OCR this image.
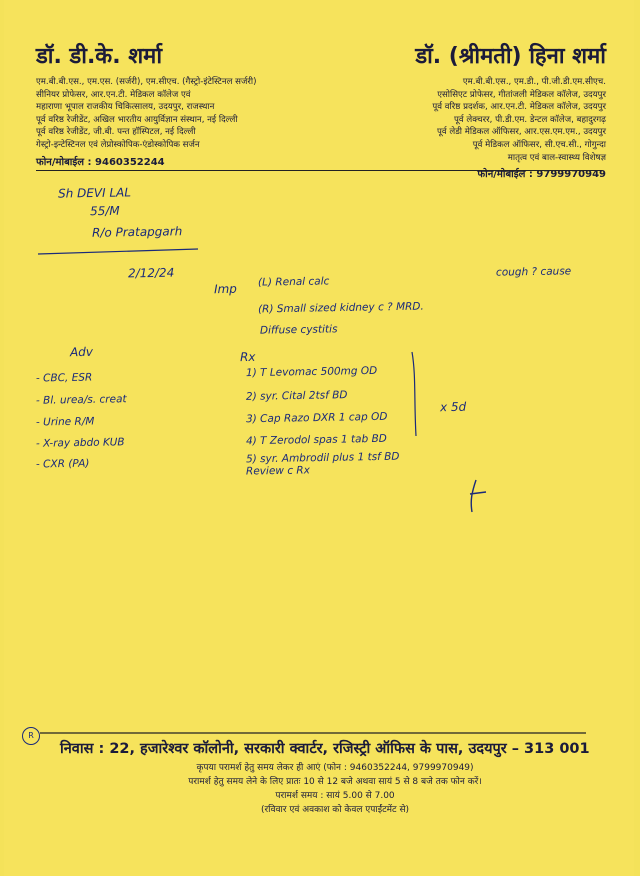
डॉ. डी.के. शर्मा
एम.बी.बी.एस., एम.एस. (सर्जरी), एम.सीएच. (गैस्ट्रो-इंटेस्टिनल सर्जरी)
सीनियर प्रोफेसर, आर.एन.टी. मेडिकल कॉलेज एवं
महाराणा भूपाल राजकीय चिकित्सालय, उदयपुर, राजस्थान
पूर्व वरिष्ठ रेजीडेंट, अखिल भारतीय आयुर्विज्ञान संस्थान, नई दिल्ली
पूर्व वरिष्ठ रेजीडेंट, जी.बी. पन्त हॉस्पिटल, नई दिल्ली
गेस्ट्रो-इन्टेस्टिनल एवं लेप्रोस्कोपिक-एंडोस्कोपिक सर्जन
फोन/मोबाईल : 9460352244
डॉ. (श्रीमती) हिना शर्मा
एम.बी.बी.एस., एम.डी., पी.जी.डी.एम.सीएच.
एसोसिएट प्रोफेसर, गीतांजली मेडिकल कॉलेज, उदयपुर
पूर्व वरिष्ठ प्रदर्शक, आर.एन.टी. मेडिकल कॉलेज, उदयपुर
पूर्व लेक्चरर, पी.डी.एम. डेन्टल कॉलेज, बहादुरगढ़
पूर्व लेडी मेडिकल ऑफिसर, आर.एस.एम.एम., उदयपुर
पूर्व मेडिकल ऑफिसर, सी.एच.सी., गोगुन्दा
मातृत्व एवं बाल-स्वास्थ्य विशेषज्ञ
फोन/मोबाईल : 9799970949
Sh DEVI LAL
55/M
R/o Pratapgarh
2/12/24
Imp (L) Renal calc
(R) Small sized kidney c ? MRD.
Diffuse cystitis
cough ? cause
Adv
- CBC, ESR
- Bl. urea/s. creat
- Urine R/M
- X-ray abdo KUB
- CXR (PA)
Rx
1) T Levomac 500mg OD
2) syr. Cital 2tsf BD
3) Cap Razo DXR 1 cap OD
4) T Zerodol spas 1 tab BD
5) syr. Ambrodil plus 1 tsf BD
Review c Rx
x 5d
R
निवास : 22, हजारेश्वर कॉलोनी, सरकारी क्वार्टर, रजिस्ट्री ऑफिस के पास, उदयपुर – 313 001
कृपया परामर्श हेतु समय लेकर ही आएं (फोन : 9460352244, 9799970949)
परामर्श हेतु समय लेने के लिए प्रातः 10 से 12 बजे अथवा सायं 5 से 8 बजे तक फोन करें।
परामर्श समय : सायं 5.00 से 7.00
(रविवार एवं अवकाश को केवल एपाईंटमेंट से)
